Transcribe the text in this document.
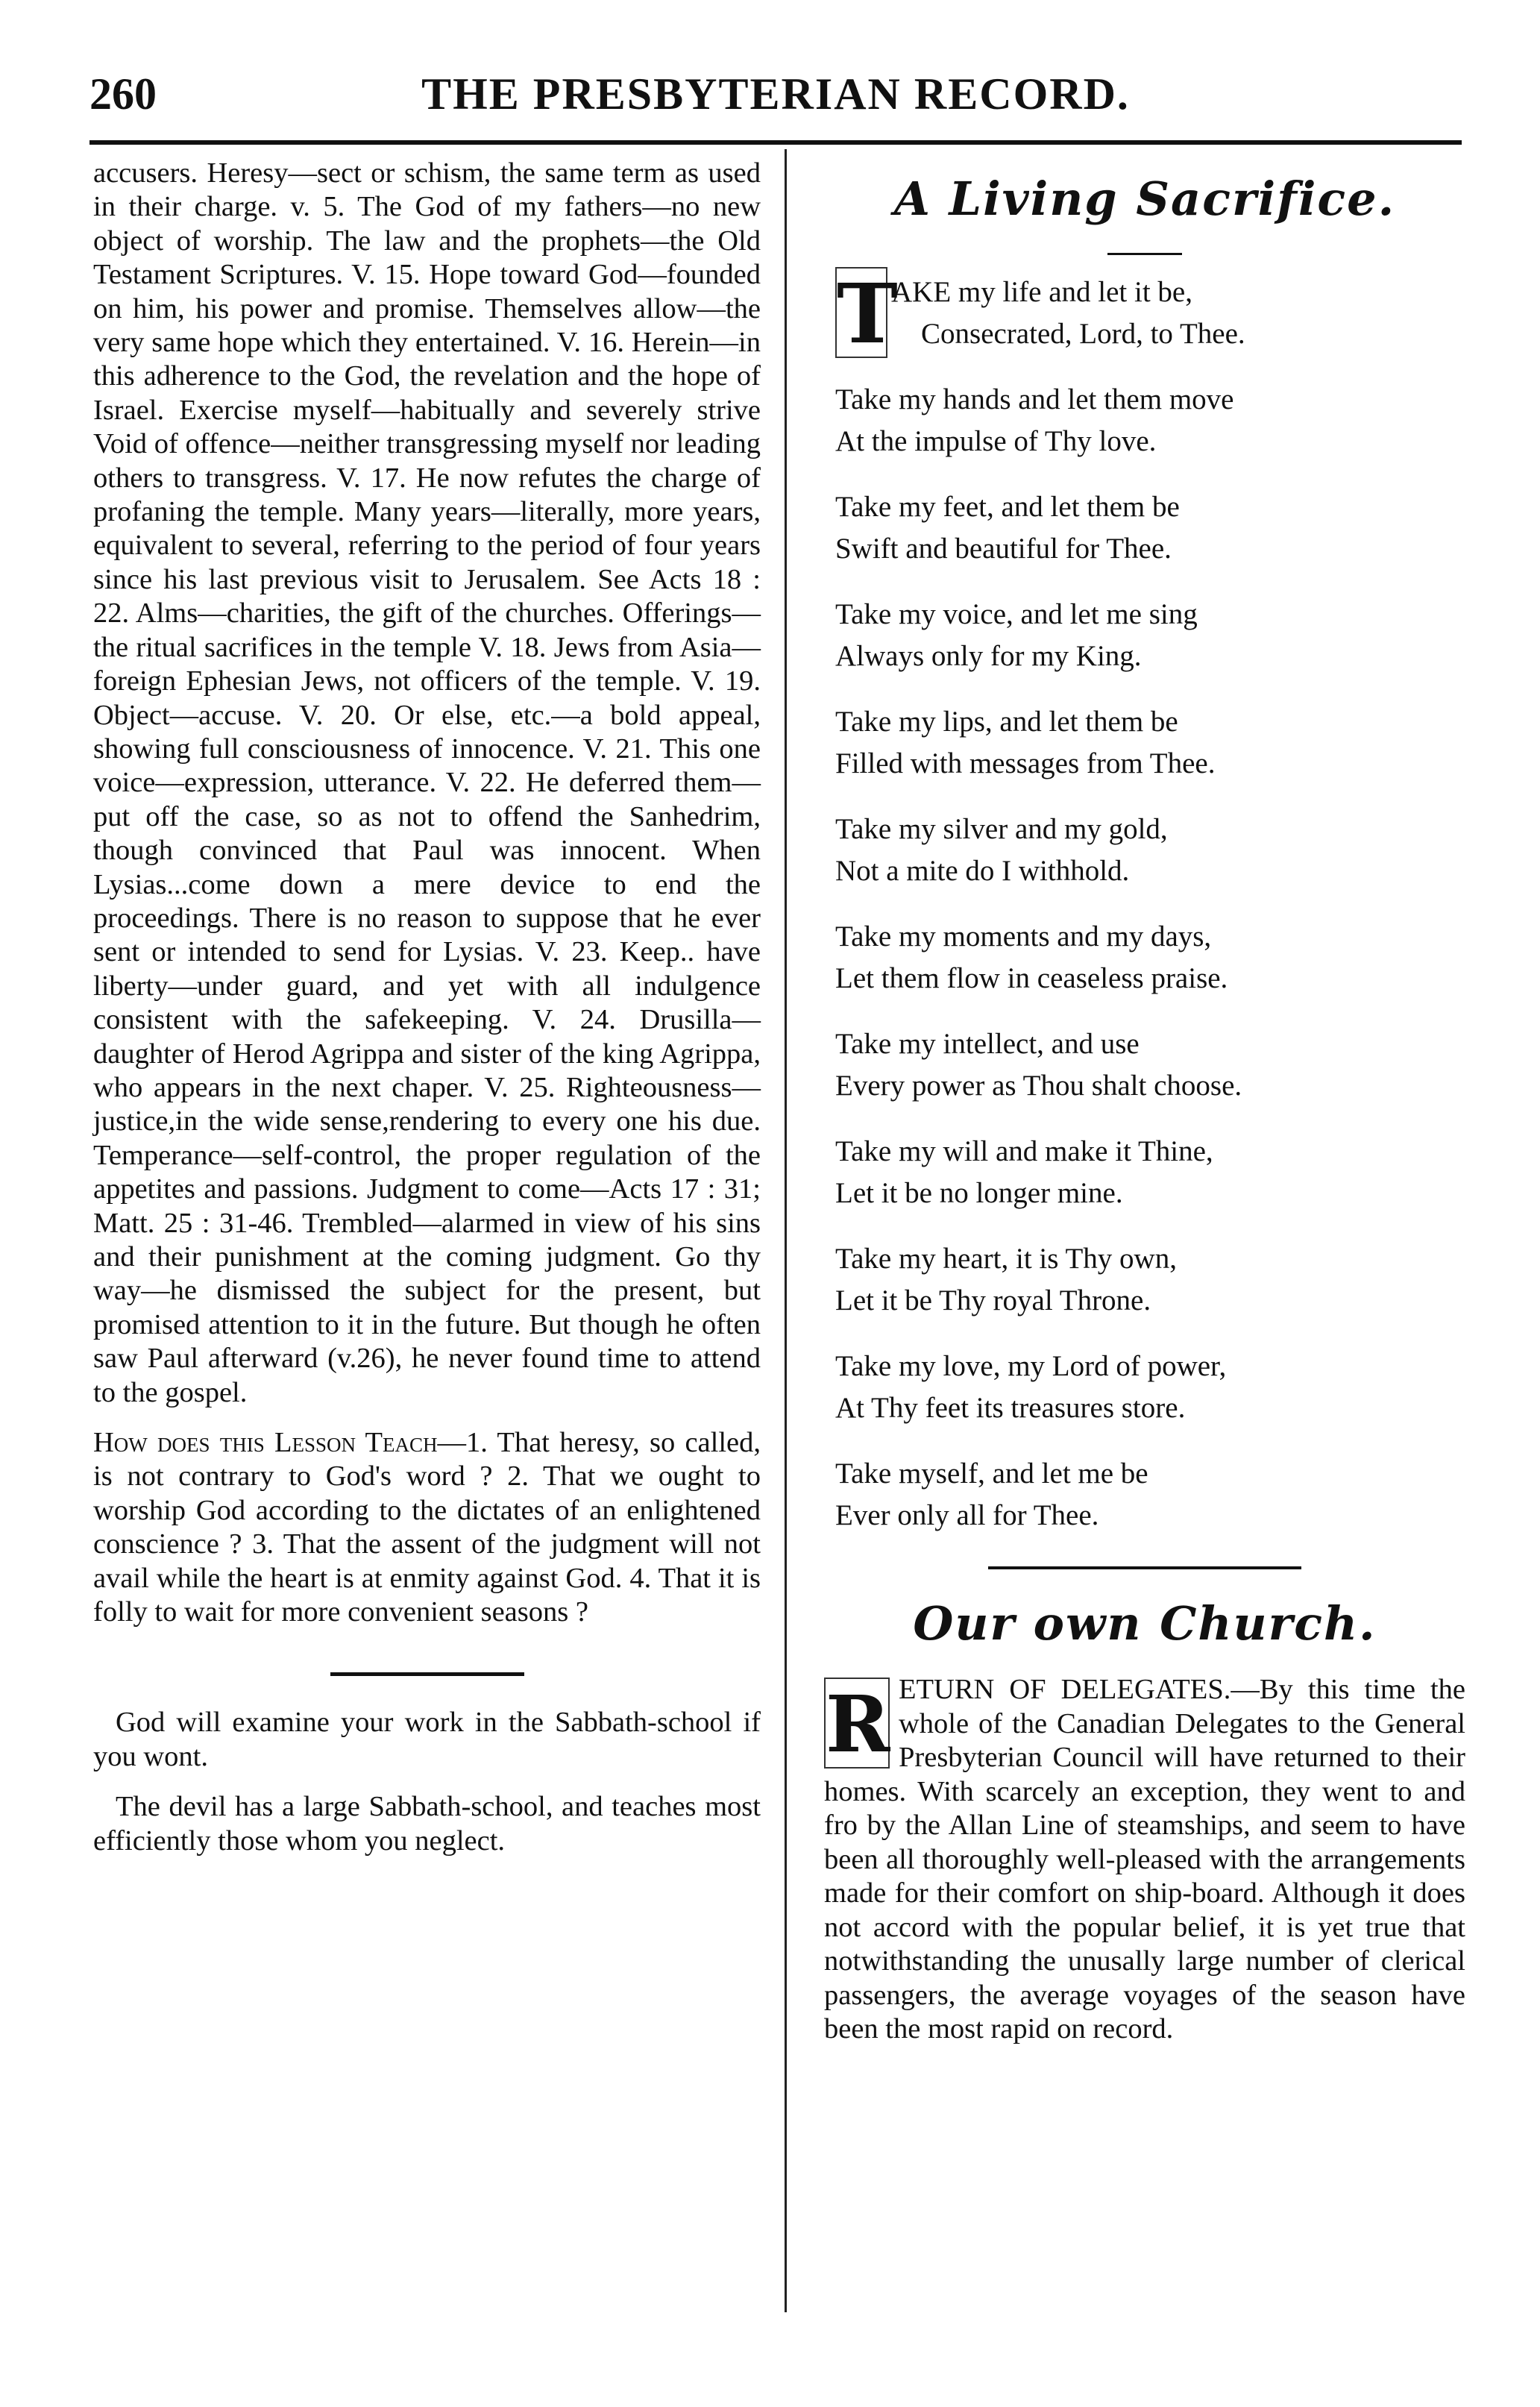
260	THE PRESBYTERIAN RECORD.

accusers. Heresy—sect or schism, the same term as used in their charge. v. 5. The God of my fathers—no new object of worship. The law and the prophets—the Old Testament Scriptures. V. 15. Hope toward God—founded on him, his power and promise. Themselves allow—the very same hope which they entertained. V. 16. Herein—in this adherence to the God, the revelation and the hope of Israel. Exercise myself—habitually and severely strive Void of offence—neither transgressing myself nor leading others to transgress. V. 17. He now refutes the charge of profaning the temple. Many years—literally, more years, equivalent to several, referring to the period of four years since his last previous visit to Jerusalem. See Acts 18 : 22. Alms—charities, the gift of the churches. Offerings—the ritual sacrifices in the temple V. 18. Jews from Asia—foreign Ephesian Jews, not officers of the temple. V. 19. Object—accuse. V. 20. Or else, etc.—a bold appeal, showing full consciousness of innocence. V. 21. This one voice—expression, utterance. V. 22. He deferred them—put off the case, so as not to offend the Sanhedrim, though convinced that Paul was innocent. When Lysias...come down a mere device to end the proceedings. There is no reason to suppose that he ever sent or intended to send for Lysias. V. 23. Keep.. have liberty—under guard, and yet with all indulgence consistent with the safekeeping. V. 24. Drusilla—daughter of Herod Agrippa and sister of the king Agrippa, who appears in the next chaper. V. 25. Righteousness—justice,in the wide sense,rendering to every one his due. Temperance—self-control, the proper regulation of the appetites and passions. Judgment to come—Acts 17 : 31; Matt. 25 : 31-46. Trembled—alarmed in view of his sins and their punishment at the coming judgment. Go thy way—he dismissed the subject for the present, but promised attention to it in the future. But though he often saw Paul afterward (v.26), he never found time to attend to the gospel.

How does this Lesson Teach—1. That heresy, so called, is not contrary to God's word ? 2. That we ought to worship God according to the dictates of an enlightened conscience ? 3. That the assent of the judgment will not avail while the heart is at enmity against God. 4. That it is folly to wait for more convenient seasons ?

God will examine your work in the Sabbath-school if you wont.

The devil has a large Sabbath-school, and teaches most efficiently those whom you neglect.

A Living Sacrifice.
T
AKE my life and let it be,
Consecrated, Lord, to Thee.
Take my hands and let them move
At the impulse of Thy love.
Take my feet, and let them be
Swift and beautiful for Thee.
Take my voice, and let me sing
Always only for my King.
Take my lips, and let them be
Filled with messages from Thee.
Take my silver and my gold,
Not a mite do I withhold.
Take my moments and my days,
Let them flow in ceaseless praise.
Take my intellect, and use
Every power as Thou shalt choose.
Take my will and make it Thine,
Let it be no longer mine.
Take my heart, it is Thy own,
Let it be Thy royal Throne.
Take my love, my Lord of power,
At Thy feet its treasures store.
Take myself, and let me be
Ever only all for Thee.
Our own Church.
R ETURN OF DELEGATES.—By this time the whole of the Canadian Delegates to the General Presbyterian Council will have returned to their homes. With scarcely an exception, they went to and fro by the Allan Line of steamships, and seem to have been all thoroughly well-pleased with the arrangements made for their comfort on ship-board. Although it does not accord with the popular belief, it is yet true that notwithstanding the unusally large number of clerical passengers, the average voyages of the season have been the most rapid on record.
